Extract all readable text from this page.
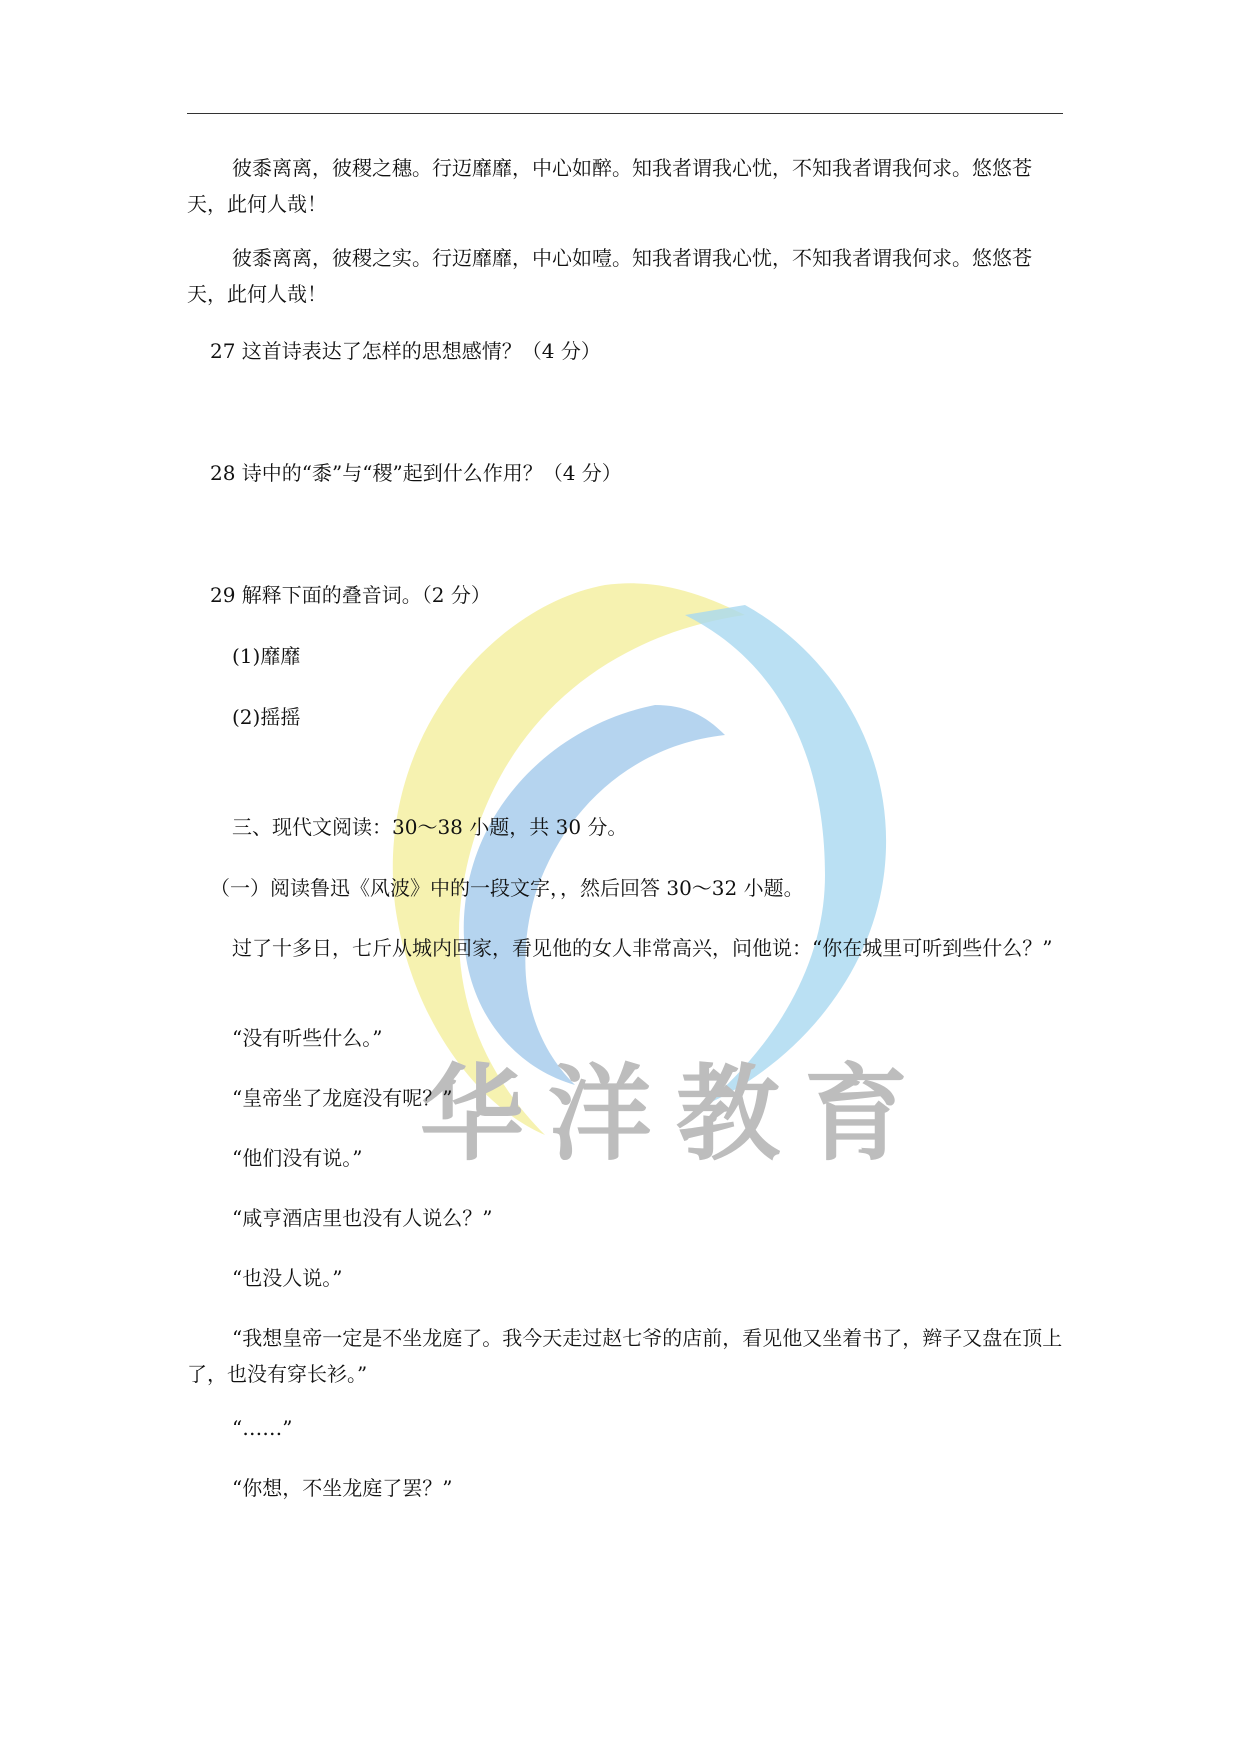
华洋教育

彼黍离离，彼稷之穗。行迈靡靡，中心如醉。知我者谓我心忧，不知我者谓我何求。悠悠苍天，此何人哉！

彼黍离离，彼稷之实。行迈靡靡，中心如噎。知我者谓我心忧，不知我者谓我何求。悠悠苍天，此何人哉！

27 这首诗表达了怎样的思想感情？（4 分）

28 诗中的“黍”与“稷”起到什么作用？（4 分）

29 解释下面的叠音词。（2 分）

(1)靡靡

(2)摇摇

三、现代文阅读：30～38 小题，共 30 分。

（一）阅读鲁迅《风波》中的一段文字，，然后回答 30～32 小题。

过了十多日，七斤从城内回家，看见他的女人非常高兴，问他说：“你在城里可听到些什么？”

“没有听些什么。”

“皇帝坐了龙庭没有呢？”

“他们没有说。”

“咸亨酒店里也没有人说么？”

“也没人说。”

“我想皇帝一定是不坐龙庭了。我今天走过赵七爷的店前，看见他又坐着书了，辫子又盘在顶上了，也没有穿长衫。”

“……”

“你想，不坐龙庭了罢？”
